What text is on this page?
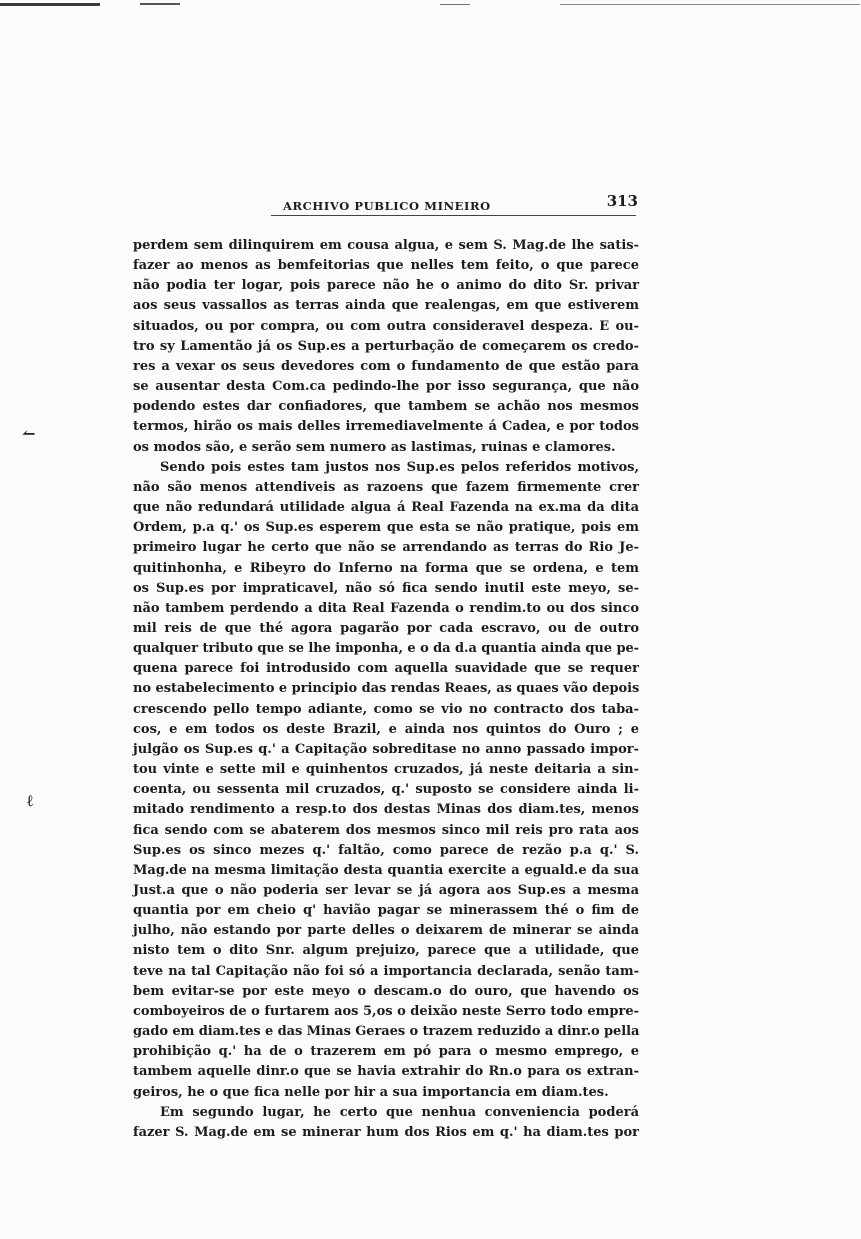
ARCHIVO PUBLICO MINEIRO	313
↼
ℓ
perdem sem dilinquirem em cousa algua, e sem S. Mag.de lhe satis-
fazer ao menos as bemfeitorias que nelles tem feito, o que parece
não podia ter logar, pois parece não he o animo do dito Sr. privar
aos seus vassallos as terras ainda que realengas, em que estiverem
situados, ou por compra, ou com outra consideravel despeza. E ou-
tro sy Lamentão já os Sup.es a perturbação de começarem os credo-
res a vexar os seus devedores com o fundamento de que estão para
se ausentar desta Com.ca pedindo-lhe por isso segurança, que não
podendo estes dar confiadores, que tambem se achão nos mesmos
termos, hirão os mais delles irremediavelmente á Cadea, e por todos
os modos são, e serão sem numero as lastimas, ruinas e clamores.
Sendo pois estes tam justos nos Sup.es pelos referidos motivos,
não são menos attendiveis as razoens que fazem firmemente crer
que não redundará utilidade algua á Real Fazenda na ex.ma da dita
Ordem, p.a q.' os Sup.es esperem que esta se não pratique, pois em
primeiro lugar he certo que não se arrendando as terras do Rio Je-
quitinhonha, e Ribeyro do Inferno na forma que se ordena, e tem
os Sup.es por impraticavel, não só fica sendo inutil este meyo, se-
não tambem perdendo a dita Real Fazenda o rendim.to ou dos sinco
mil reis de que thé agora pagarão por cada escravo, ou de outro
qualquer tributo que se lhe imponha, e o da d.a quantia ainda que pe-
quena parece foi introdusido com aquella suavidade que se requer
no estabelecimento e principio das rendas Reaes, as quaes vão depois
crescendo pello tempo adiante, como se vio no contracto dos taba-
cos, e em todos os deste Brazil, e ainda nos quintos do Ouro ; e
julgão os Sup.es q.' a Capitação sobreditase no anno passado impor-
tou vinte e sette mil e quinhentos cruzados, já neste deitaria a sin-
coenta, ou sessenta mil cruzados, q.' suposto se considere ainda li-
mitado rendimento a resp.to dos destas Minas dos diam.tes, menos
fica sendo com se abaterem dos mesmos sinco mil reis pro rata aos
Sup.es os sinco mezes q.' faltão, como parece de rezão p.a q.' S.
Mag.de na mesma limitação desta quantia exercite a eguald.e da sua
Just.a que o não poderia ser levar se já agora aos Sup.es a mesma
quantia por em cheio q' havião pagar se minerassem thé o fim de
julho, não estando por parte delles o deixarem de minerar se ainda
nisto tem o dito Snr. algum prejuizo, parece que a utilidade, que
teve na tal Capitação não foi só a importancia declarada, senão tam-
bem evitar-se por este meyo o descam.o do ouro, que havendo os
comboyeiros de o furtarem aos 5,os o deixão neste Serro todo empre-
gado em diam.tes e das Minas Geraes o trazem reduzido a dinr.o pella
prohibição q.' ha de o trazerem em pó para o mesmo emprego, e
tambem aquelle dinr.o que se havia extrahir do Rn.o para os extran-
geiros, he o que fica nelle por hir a sua importancia em diam.tes.
Em segundo lugar, he certo que nenhua conveniencia poderá
fazer S. Mag.de em se minerar hum dos Rios em q.' ha diam.tes por
